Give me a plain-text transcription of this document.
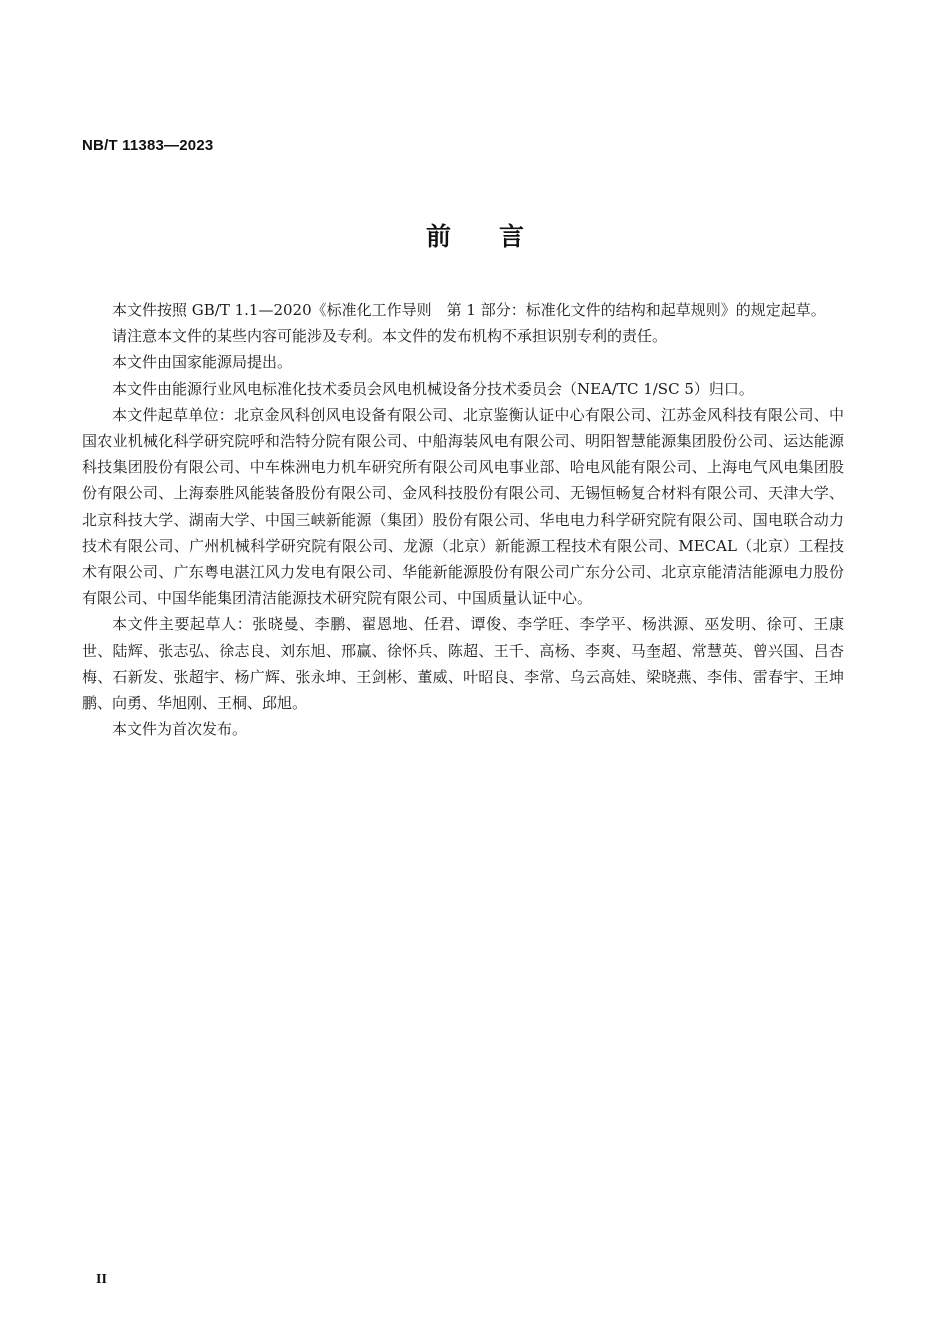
NB/T 11383—2023
前言

本文件按照 GB/T 1.1—2020《标准化工作导则　第 1 部分：标准化文件的结构和起草规则》的规定起草。

请注意本文件的某些内容可能涉及专利。本文件的发布机构不承担识别专利的责任。

本文件由国家能源局提出。

本文件由能源行业风电标准化技术委员会风电机械设备分技术委员会（NEA/TC 1/SC 5）归口。

本文件起草单位：北京金风科创风电设备有限公司、北京鉴衡认证中心有限公司、江苏金风科技有限公司、中国农业机械化科学研究院呼和浩特分院有限公司、中船海装风电有限公司、明阳智慧能源集团股份公司、运达能源科技集团股份有限公司、中车株洲电力机车研究所有限公司风电事业部、哈电风能有限公司、上海电气风电集团股份有限公司、上海泰胜风能装备股份有限公司、金风科技股份有限公司、无锡恒畅复合材料有限公司、天津大学、北京科技大学、湖南大学、中国三峡新能源（集团）股份有限公司、华电电力科学研究院有限公司、国电联合动力技术有限公司、广州机械科学研究院有限公司、龙源（北京）新能源工程技术有限公司、MECAL（北京）工程技术有限公司、广东粤电湛江风力发电有限公司、华能新能源股份有限公司广东分公司、北京京能清洁能源电力股份有限公司、中国华能集团清洁能源技术研究院有限公司、中国质量认证中心。

本文件主要起草人：张晓曼、李鹏、翟恩地、任君、谭俊、李学旺、李学平、杨洪源、巫发明、徐可、王康世、陆辉、张志弘、徐志良、刘东旭、邢赢、徐怀兵、陈超、王千、高杨、李爽、马奎超、常慧英、曾兴国、吕杏梅、石新发、张超宇、杨广辉、张永坤、王剑彬、董威、叶昭良、李常、乌云高娃、梁晓燕、李伟、雷春宇、王坤鹏、向勇、华旭刚、王桐、邱旭。

本文件为首次发布。

II
